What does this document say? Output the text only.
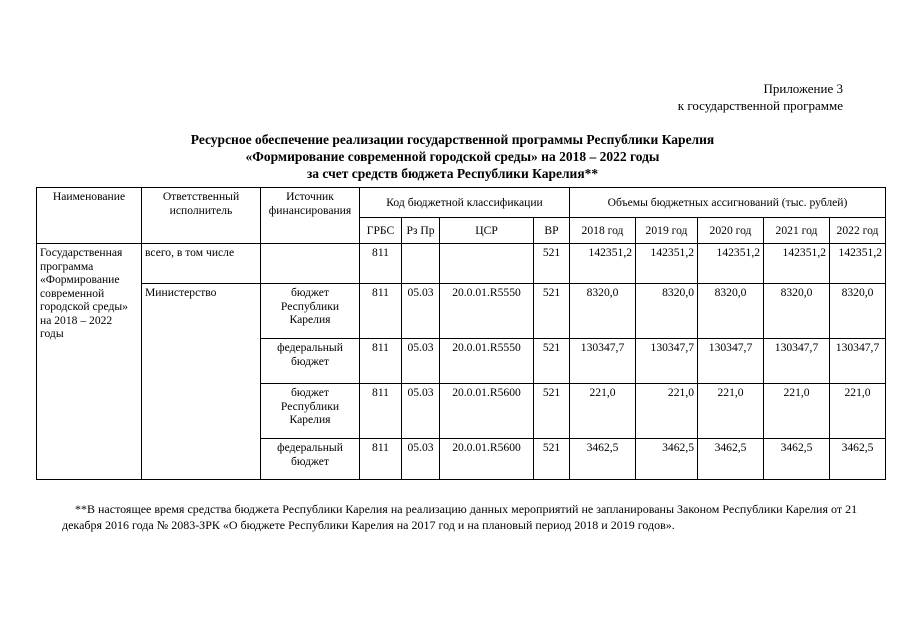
Приложение 3
к государственной программе
Ресурсное обеспечение реализации государственной программы Республики Карелия
«Формирование современной городской среды» на 2018 – 2022 годы
за счет средств бюджета Республики Карелия**
Наименование	Ответственный исполнитель	Источник финансирования	Код бюджетной классификации				Объемы бюджетных ассигнований (тыс. рублей)				
			ГРБС	Рз Пр	ЦСР	ВР	2018 год	2019 год	2020 год	2021 год	2022 год
Государственная программа «Формирование современной городской среды» на 2018 – 2022 годы	всего, в том числе		811			521	142351,2	142351,2	142351,2	142351,2	142351,2
	Министерство	бюджет Республики Карелия	811	05.03	20.0.01.R5550	521	8320,0	8320,0	8320,0	8320,0	8320,0
		федеральный бюджет	811	05.03	20.0.01.R5550	521	130347,7	130347,7	130347,7	130347,7	130347,7
		бюджет Республики Карелия	811	05.03	20.0.01.R5600	521	221,0	221,0	221,0	221,0	221,0
		федеральный бюджет	811	05.03	20.0.01.R5600	521	3462,5	3462,5	3462,5	3462,5	3462,5
**В настоящее время средства бюджета Республики Карелия на реализацию данных мероприятий не запланированы Законом Республики Карелия от 21 декабря 2016 года № 2083-ЗРК «О бюджете Республики Карелия на 2017 год и на плановый период 2018 и 2019 годов».
